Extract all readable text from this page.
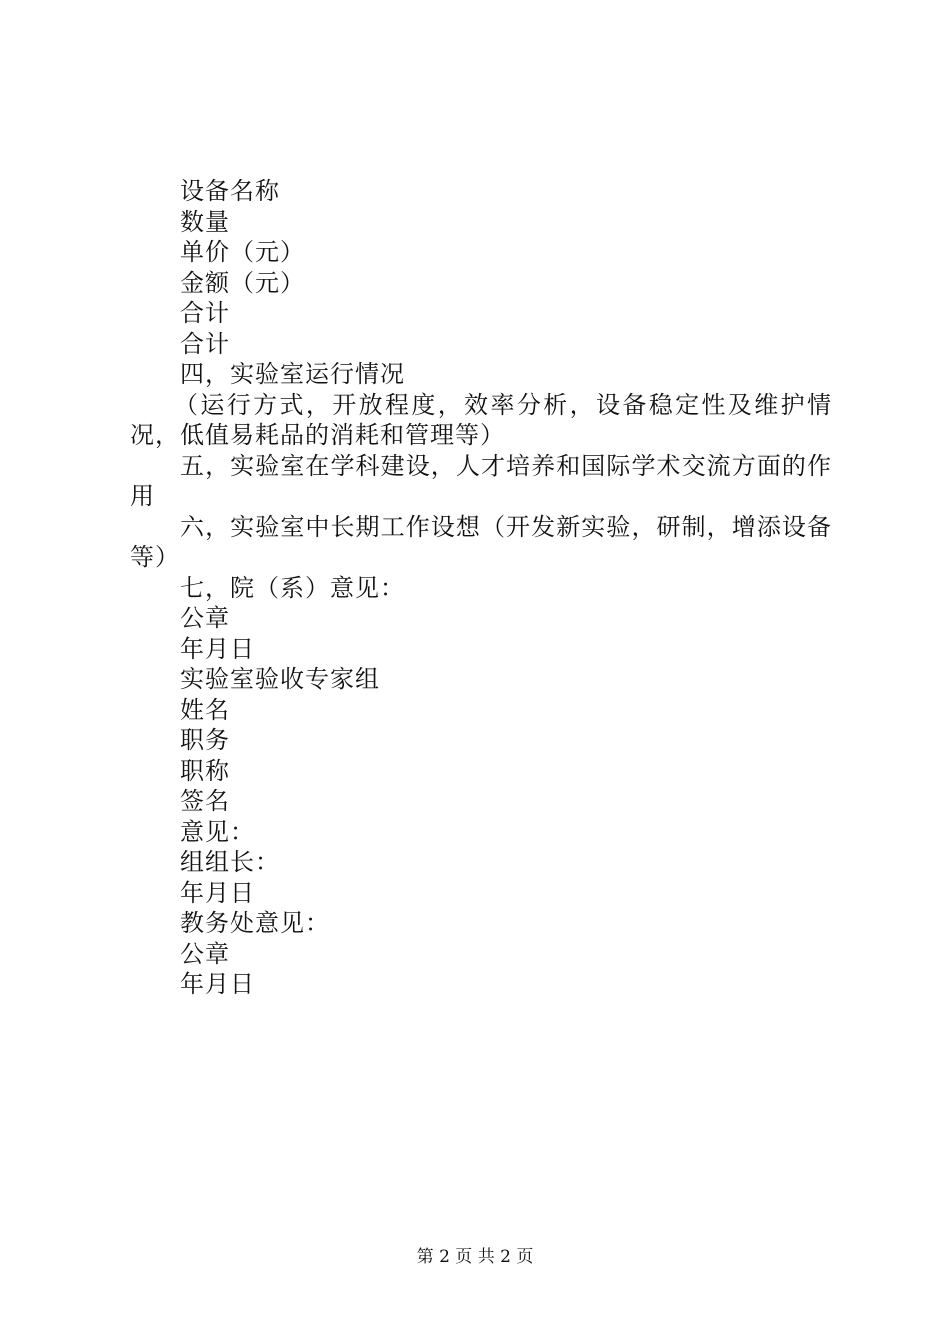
设备名称
数量
单价（元）
金额（元）
合计
合计
四，实验室运行情况
（运行方式，开放程度，效率分析，设备稳定性及维护情况，低值易耗品的消耗和管理等）
五，实验室在学科建设，人才培养和国际学术交流方面的作用
六，实验室中长期工作设想（开发新实验，研制，增添设备等）
七，院（系）意见：
公章
年月日
实验室验收专家组
姓名
职务
职称
签名
意见：
组组长：
年月日
教务处意见：
公章
年月日
第 2 页 共 2 页
